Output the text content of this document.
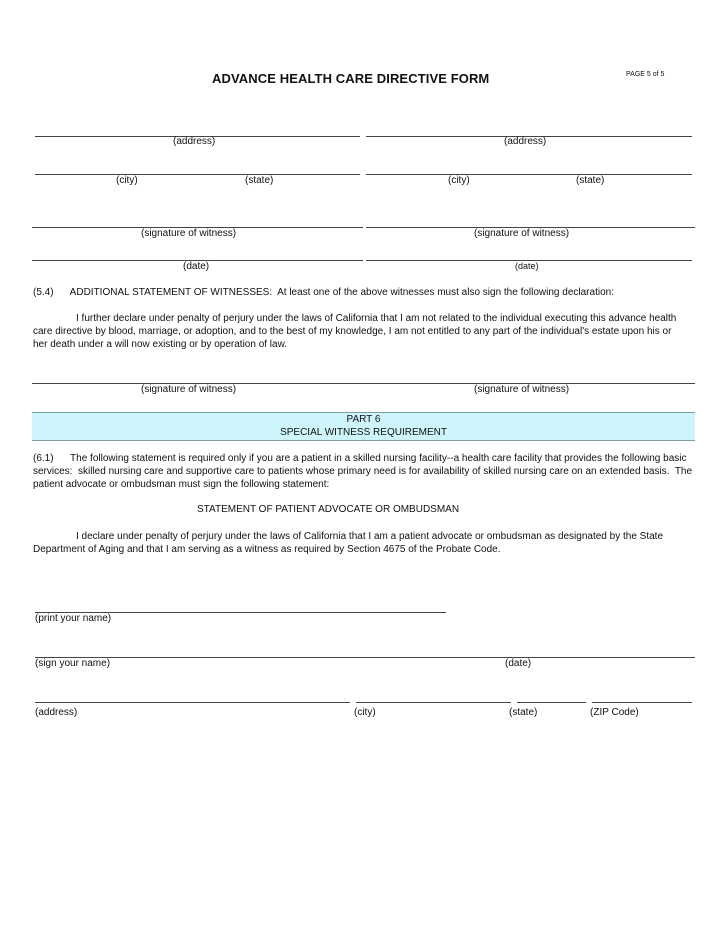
ADVANCE HEALTH CARE DIRECTIVE FORM	PAGE 5 of 5
(address)	(address)
(city)	(state)	(city)	(state)
(signature of witness)	(signature of witness)
(date)	(date)
(5.4)      ADDITIONAL STATEMENT OF WITNESSES:  At least one of the above witnesses must also sign the following declaration:
I further declare under penalty of perjury under the laws of California that I am not related to the individual executing this advance health care directive by blood, marriage, or adoption, and to the best of my knowledge, I am not entitled to any part of the individual's estate upon his or her death under a will now existing or by operation of law.
(signature of witness)	(signature of witness)
PART 6
SPECIAL WITNESS REQUIREMENT
(6.1)      The following statement is required only if you are a patient in a skilled nursing facility--a health care facility that provides the following basic services:  skilled nursing care and supportive care to patients whose primary need is for availability of skilled nursing care on an extended basis.  The patient advocate or ombudsman must sign the following statement:
STATEMENT OF PATIENT ADVOCATE OR OMBUDSMAN
I declare under penalty of perjury under the laws of California that I am a patient advocate or ombudsman as designated by the State Department of Aging and that I am serving as a witness as required by Section 4675 of the Probate Code.
(print your name)
(sign your name)	(date)
(address)	(city)	(state)	(ZIP Code)
